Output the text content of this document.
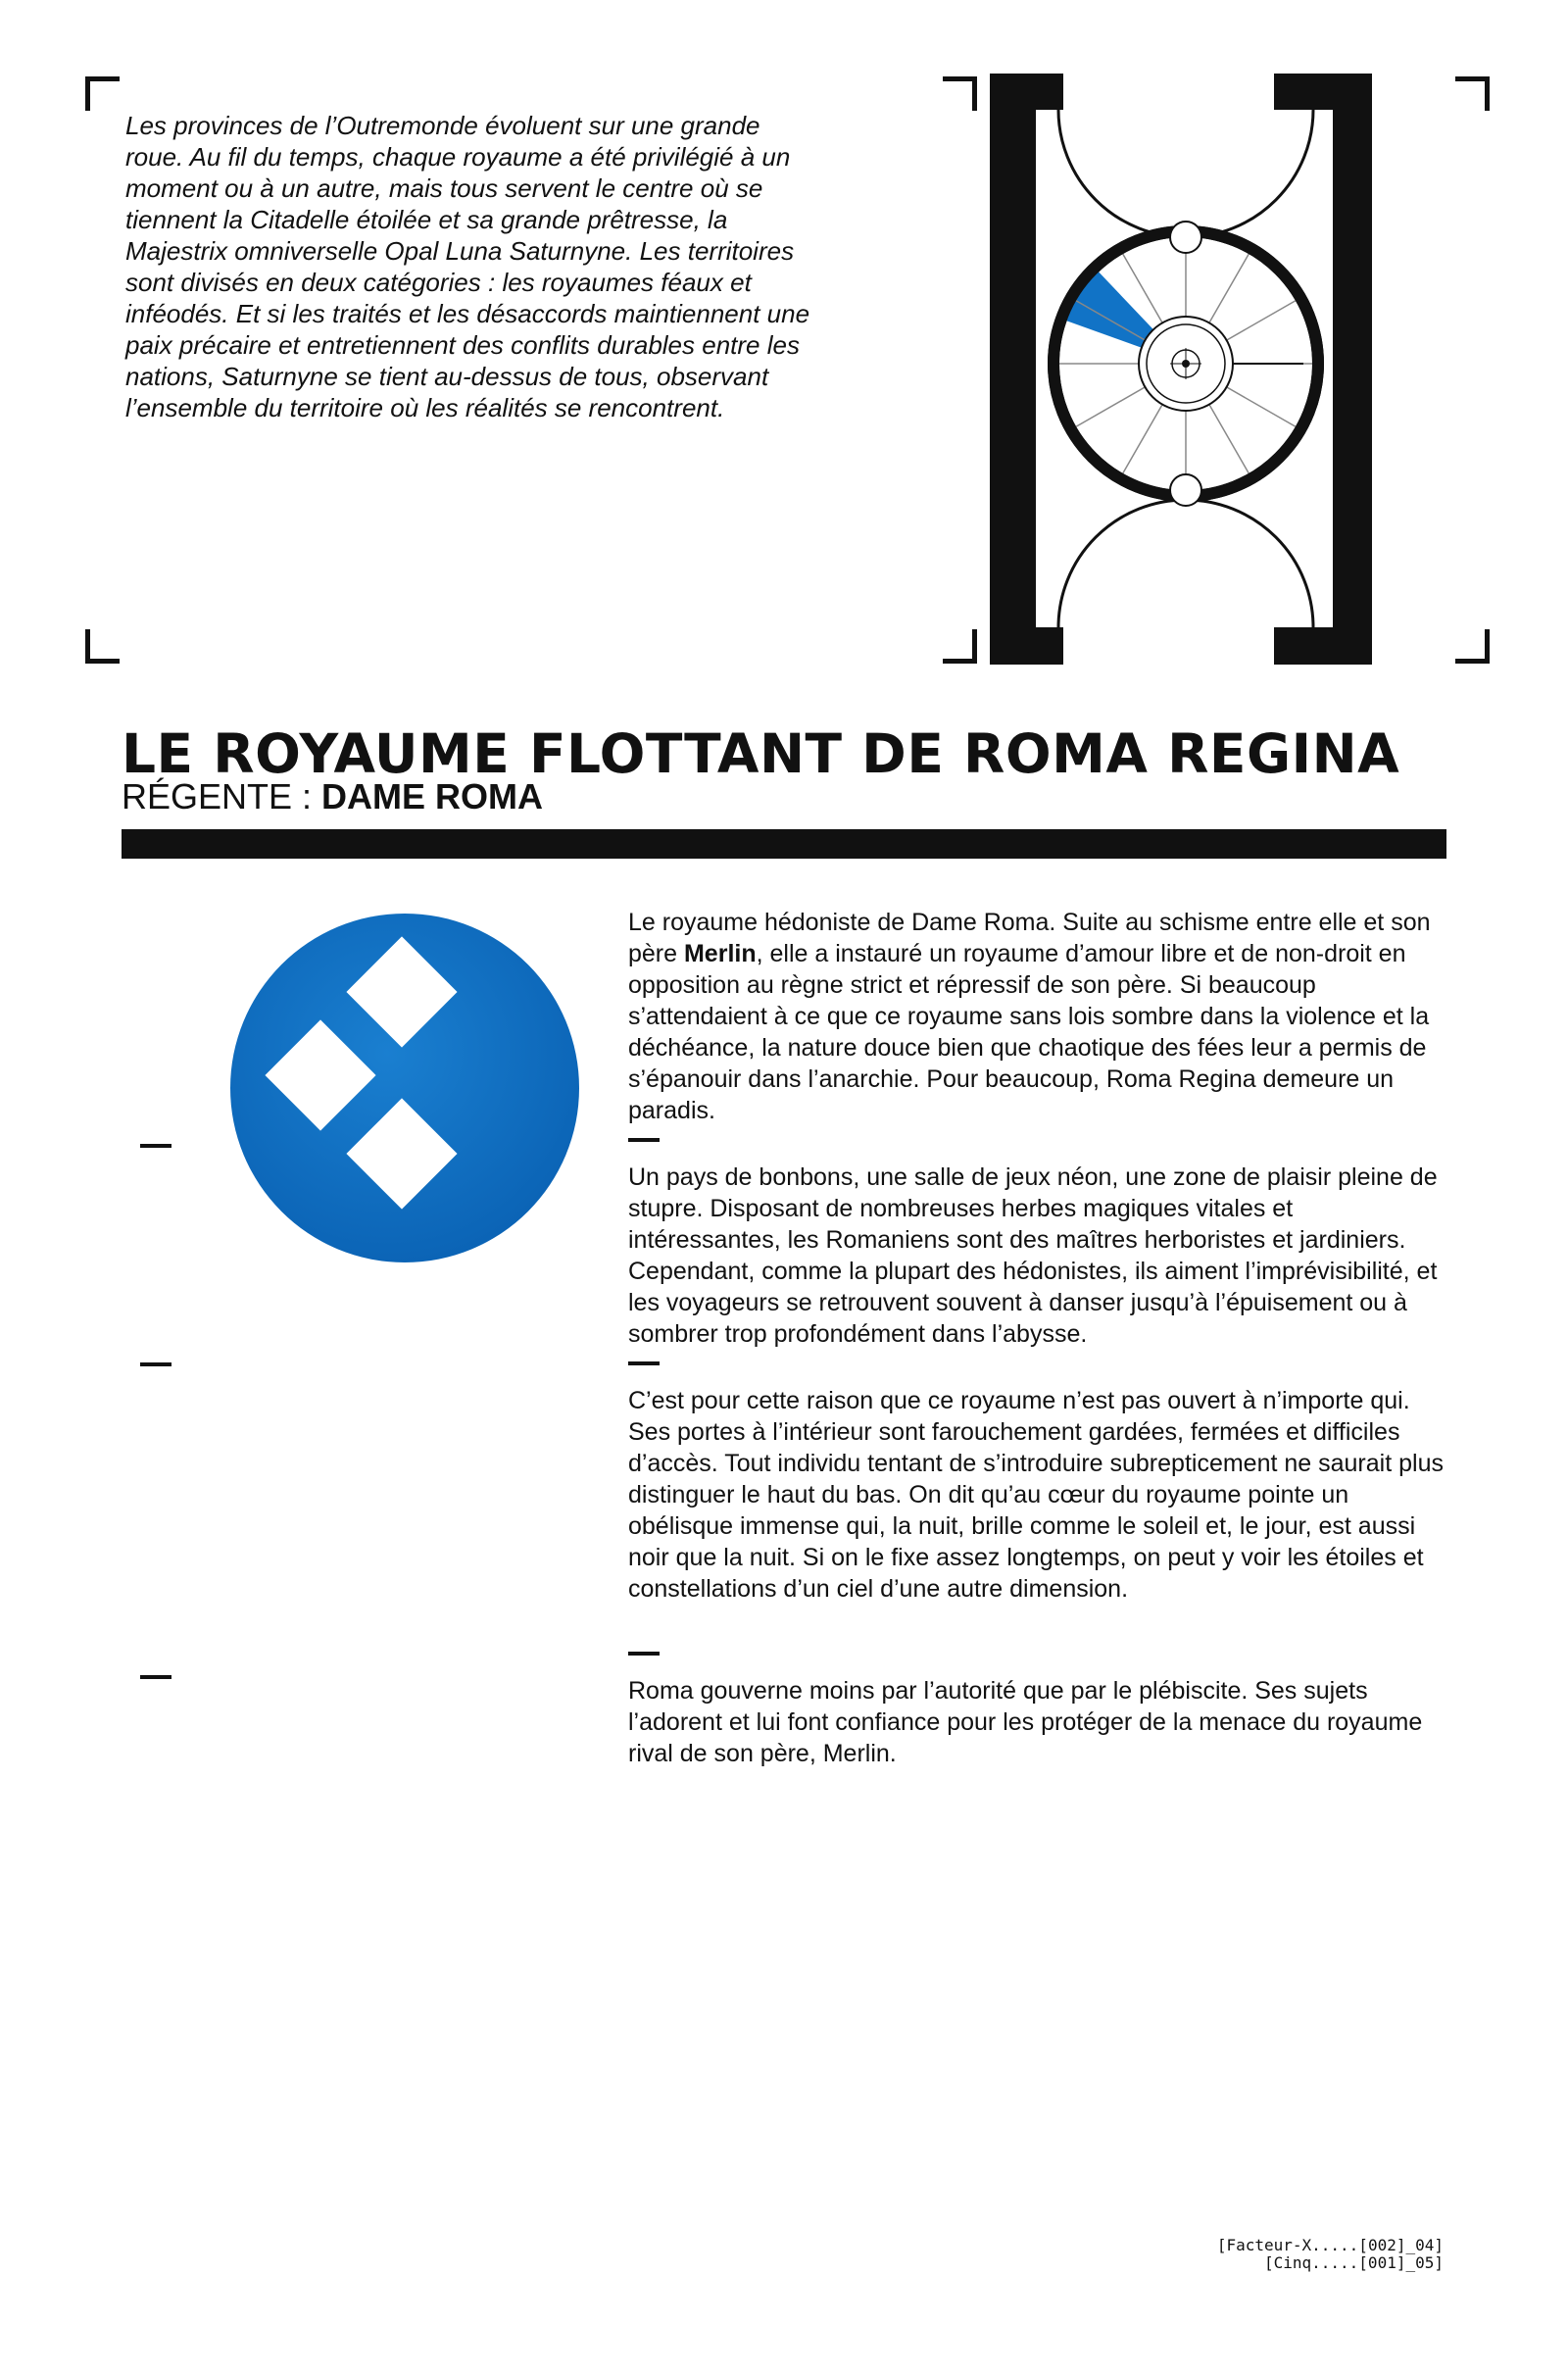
Les provinces de l’Outremonde évoluent sur une grande roue. Au fil du temps, chaque royaume a été privilégié à un moment ou à un autre, mais tous servent le centre où se tiennent la Citadelle étoilée et sa grande prêtresse, la Majestrix omniverselle Opal Luna Saturnyne. Les territoires sont divisés en deux catégories : les royaumes féaux et inféodés. Et si les traités et les désaccords maintiennent une paix précaire et entretiennent des conflits durables entre les nations, Saturnyne se tient au-dessus de tous, observant l’ensemble du territoire où les réalités se rencontrent.

LE ROYAUME FLOTTANT DE ROMA REGINA
RÉGENTE : DAME ROMA

Le royaume hédoniste de Dame Roma. Suite au schisme entre elle et son père Merlin, elle a instauré un royaume d’amour libre et de non-droit en opposition au règne strict et répressif de son père. Si beaucoup s’attendaient à ce que ce royaume sans lois sombre dans la violence et la déchéance, la nature douce bien que chaotique des fées leur a permis de s’épanouir dans l’anarchie. Pour beaucoup, Roma Regina demeure un paradis.

Un pays de bonbons, une salle de jeux néon, une zone de plaisir pleine de stupre. Disposant de nombreuses herbes magiques vitales et intéressantes, les Romaniens sont des maîtres herboristes et jardiniers. Cependant, comme la plupart des hédonistes, ils aiment l’imprévisibilité, et les voyageurs se retrouvent souvent à danser jusqu’à l’épuisement ou à sombrer trop profondément dans l’abysse.

C’est pour cette raison que ce royaume n’est pas ouvert à n’importe qui. Ses portes à l’intérieur sont farouchement gardées, fermées et difficiles d’accès. Tout individu tentant de s’introduire subrepticement ne saurait plus distinguer le haut du bas. On dit qu’au cœur du royaume pointe un obélisque immense qui, la nuit, brille comme le soleil et, le jour, est aussi noir que la nuit. Si on le fixe assez longtemps, on peut y voir les étoiles et constellations d’un ciel d’une autre dimension.

Roma gouverne moins par l’autorité que par le plébiscite. Ses sujets l’adorent et lui font confiance pour les protéger de la menace du royaume rival de son père, Merlin.

[Facteur-X.....[002]_04]
[Cinq.....[001]_05]
